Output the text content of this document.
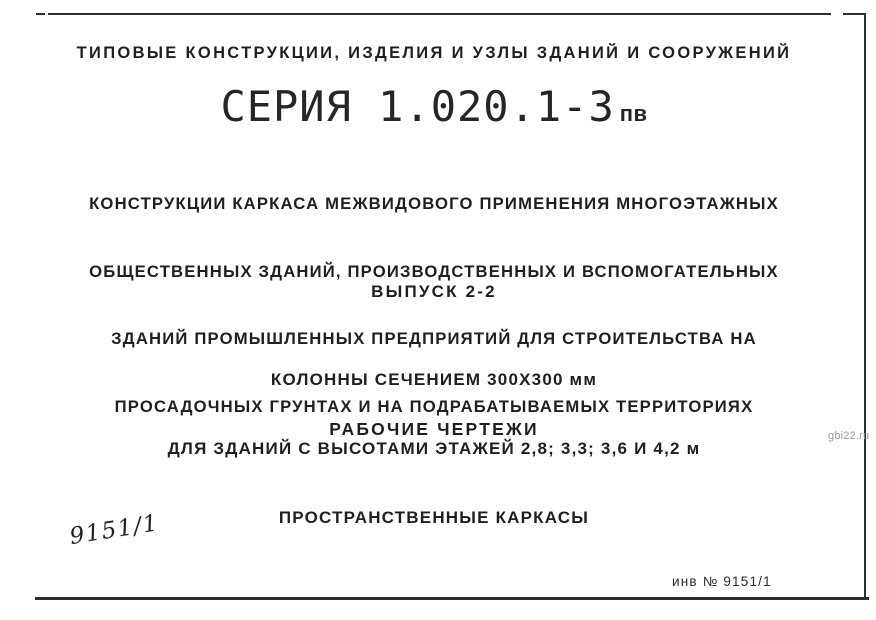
ТИПОВЫЕ КОНСТРУКЦИИ, ИЗДЕЛИЯ И УЗЛЫ ЗДАНИЙ И СООРУЖЕНИЙ
СЕРИЯ 1.020.1-3 пв

КОНСТРУКЦИИ КАРКАСА МЕЖВИДОВОГО ПРИМЕНЕНИЯ МНОГОЭТАЖНЫХ

ОБЩЕСТВЕННЫХ ЗДАНИЙ, ПРОИЗВОДСТВЕННЫХ И ВСПОМОГАТЕЛЬНЫХ

ЗДАНИЙ ПРОМЫШЛЕННЫХ ПРЕДПРИЯТИЙ ДЛЯ СТРОИТЕЛЬСТВА НА

ПРОСАДОЧНЫХ ГРУНТАХ И НА ПОДРАБАТЫВАЕМЫХ ТЕРРИТОРИЯХ

ВЫПУСК 2-2

КОЛОННЫ СЕЧЕНИЕМ 300Х300 мм

ДЛЯ ЗДАНИЙ С ВЫСОТАМИ ЭТАЖЕЙ 2,8; 3,3; 3,6 И 4,2 м

ПРОСТРАНСТВЕННЫЕ КАРКАСЫ

РАБОЧИЕ ЧЕРТЕЖИ
9151/1
инв № 9151/1
gbi22.ru
